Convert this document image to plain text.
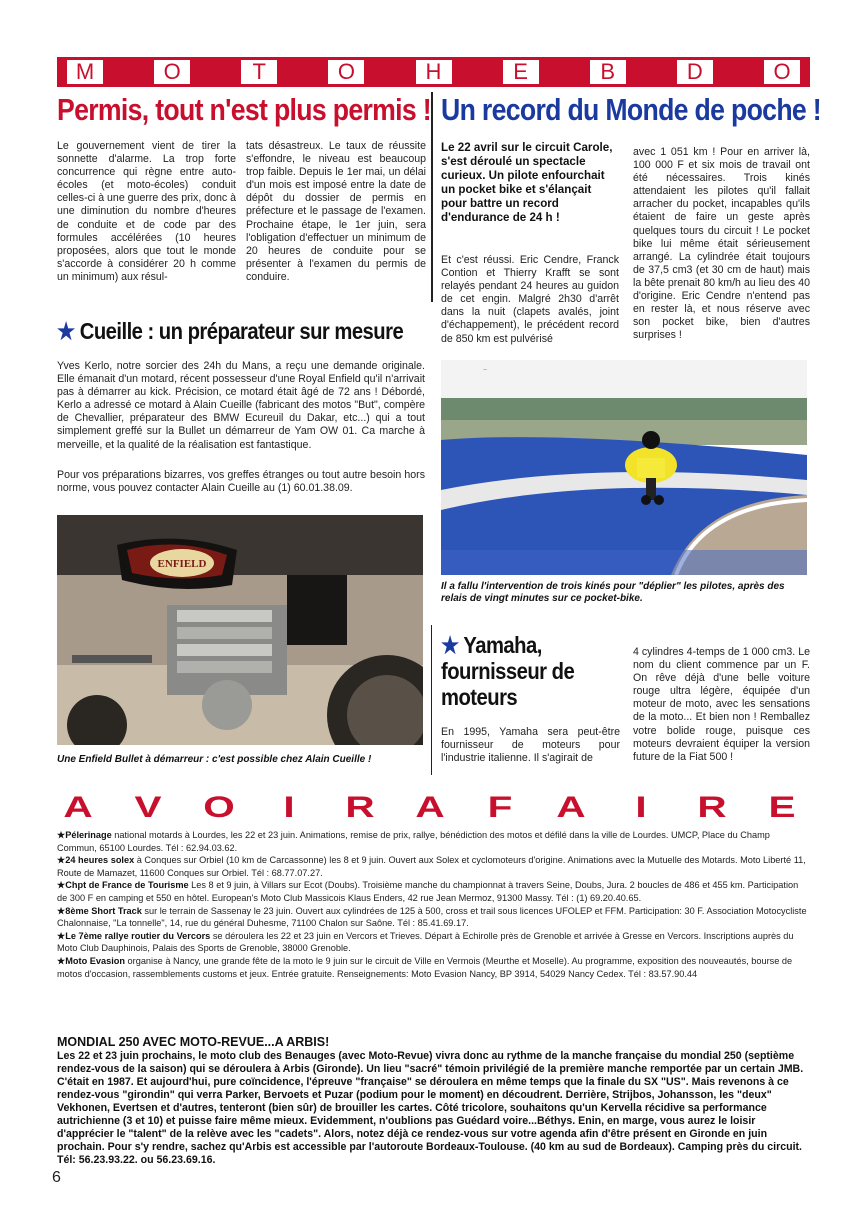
M	O	T	O	H	E	B	D	O
Permis, tout n'est plus permis !
Le gouvernement vient de tirer la sonnette d'alarme. La trop forte concurrence qui règne entre auto-écoles (et moto-écoles) conduit celles-ci à une guerre des prix, donc à une diminution du nombre d'heures de conduite et de code par des formules accélérées (10 heures proposées, alors que tout le monde s'accorde à considérer 20 h comme un minimum) aux résul-
tats désastreux. Le taux de réussite s'effondre, le niveau est beaucoup trop faible. Depuis le 1er mai, un délai d'un mois est imposé entre la date de dépôt du dossier de permis en préfecture et le passage de l'examen. Prochaine étape, le 1er juin, sera l'obligation d'effectuer un minimum de 20 heures de conduite pour se présenter à l'examen du permis de conduire.
Un record du Monde de poche !
Le 22 avril sur le circuit Carole, s'est déroulé un spectacle curieux. Un pilote enfourchait un pocket bike et s'élançait pour battre un record d'endurance de 24 h !
Et c'est réussi. Eric Cendre, Franck Contion et Thierry Krafft se sont relayés pendant 24 heures au guidon de cet engin. Malgré 2h30 d'arrêt dans la nuit (clapets avalés, joint d'échappement), le précédent record de 850 km est pulvérisé
avec 1 051 km ! Pour en arriver là, 100 000 F et six mois de travail ont été nécessaires. Trois kinés attendaient les pilotes qu'il fallait arracher du pocket, incapables qu'ils étaient de faire un geste après quelques tours du circuit ! Le pocket bike lui même était sérieusement arrangé. La cylindrée était toujours de 37,5 cm3 (et 30 cm de haut) mais la bête prenait 80 km/h au lieu des 40 d'origine. Eric Cendre n'entend pas en rester là, et nous réserve avec son pocket bike, bien d'autres surprises !
~
Il a fallu l'intervention de trois kinés pour "déplier" les pilotes, après des relais de vingt minutes sur ce pocket-bike.
★ Cueille : un préparateur sur mesure
Yves Kerlo, notre sorcier des 24h du Mans, a reçu une demande originale. Elle émanait d'un motard, récent possesseur d'une Royal Enfield qu'il n'arrivait pas à démarrer au kick. Précision, ce motard était âgé de 72 ans ! Débordé, Kerlo a adressé ce motard à Alain Cueille (fabricant des motos "But", compère de Chevallier, préparateur des BMW Ecureuil du Dakar, etc...) qui a tout simplement greffé sur la Bullet un démarreur de Yam OW 01. Ca marche à merveille, et la qualité de la réalisation est fantastique.
Pour vos préparations bizarres, vos greffes étranges ou tout autre besoin hors norme, vous pouvez contacter Alain Cueille au (1) 60.01.38.09.
ENFIELD
Une Enfield Bullet à démarreur : c'est possible chez Alain Cueille !
★ Yamaha,
fournisseur de
moteurs
En 1995, Yamaha sera peut-être fournisseur de moteurs pour l'industrie italienne. Il s'agirait de
4 cylindres 4-temps de 1 000 cm3. Le nom du client commence par un F. On rêve déjà d'une belle voiture rouge ultra légère, équipée d'un moteur de moto, avec les sensations de la moto... Et bien non ! Remballez votre bolide rouge, puisque ces moteurs devraient équiper la version future de la Fiat 500 !
A	V	O	I	R	A	F	A	I	R	E
★Pélerinage national motards à Lourdes, les 22 et 23 juin. Animations, remise de prix, rallye, bénédiction des motos et défilé dans la ville de Lourdes. UMCP, Place du Champ Commun, 65100 Lourdes. Tél : 62.94.03.62.
★24 heures solex à Conques sur Orbiel (10 km de Carcassonne) les 8 et 9 juin. Ouvert aux Solex et cyclomoteurs d'origine. Animations avec la Mutuelle des Motards. Moto Liberté 11, Route de Mamazet, 11600 Conques sur Orbiel. Tél : 68.77.07.27.
★Chpt de France de Tourisme Les 8 et 9 juin, à Villars sur Ecot (Doubs). Troisième manche du championnat à travers Seine, Doubs, Jura. 2 boucles de 486 et 455 km. Participation de 300 F en camping et 550 en hôtel. European's Moto Club Massicois Klaus Enders, 42 rue Jean Mermoz, 91300 Massy. Tél : (1) 69.20.40.65.
★8ème Short Track sur le terrain de Sassenay le 23 juin. Ouvert aux cylindrées de 125 à 500, cross et trail sous licences UFOLEP et FFM. Participation: 30 F. Association Motocycliste Chalonnaise, "La tonnelle", 14, rue du général Duhesme, 71100 Chalon sur Saône. Tél : 85.41.69.17.
★Le 7ème rallye routier du Vercors se déroulera les 22 et 23 juin en Vercors et Trieves. Départ à Echirolle près de Grenoble et arrivée à Gresse en Vercors. Inscriptions auprès du Moto Club Dauphinois, Palais des Sports de Grenoble, 38000 Grenoble.
★Moto Evasion organise à Nancy, une grande fête de la moto le 9 juin sur le circuit de Ville en Vermois (Meurthe et Moselle). Au programme, exposition des nouveautés, bourse de motos d'occasion, rassemblements customs et jeux. Entrée gratuite. Renseignements: Moto Evasion Nancy, BP 3914, 54029 Nancy Cedex. Tél : 83.57.90.44
MONDIAL 250 AVEC MOTO-REVUE...A ARBIS!
Les 22 et 23 juin prochains, le moto club des Benauges (avec Moto-Revue) vivra donc au rythme de la manche française du mondial 250 (septième rendez-vous de la saison) qui se déroulera à Arbis (Gironde). Un lieu "sacré" témoin privilégié de la première manche remportée par un certain JMB. C'était en 1987. Et aujourd'hui, pure coïncidence, l'épreuve "française" se déroulera en même temps que la finale du SX "US". Mais revenons à ce rendez-vous "girondin" qui verra Parker, Bervoets et Puzar (podium pour le moment) en découdrent. Derrière, Strijbos, Johansson, les "deux" Vekhonen, Evertsen et d'autres, tenteront (bien sûr) de brouiller les cartes. Côté tricolore, souhaitons qu'un Kervella récidive sa performance autrichienne (3 et 10) et puisse faire même mieux. Evidemment, n'oublions pas Guédard voire...Béthys. Enin, en marge, vous aurez le loisir d'apprécier le "talent" de la relève avec les "cadets". Alors, notez déjà ce rendez-vous sur votre agenda afin d'être présent en Gironde en juin prochain. Pour s'y rendre, sachez qu'Arbis est accessible par l'autoroute Bordeaux-Toulouse. (40 km au sud de Bordeaux). Camping près du circuit. Tél: 56.23.93.22. ou 56.23.69.16.
6
